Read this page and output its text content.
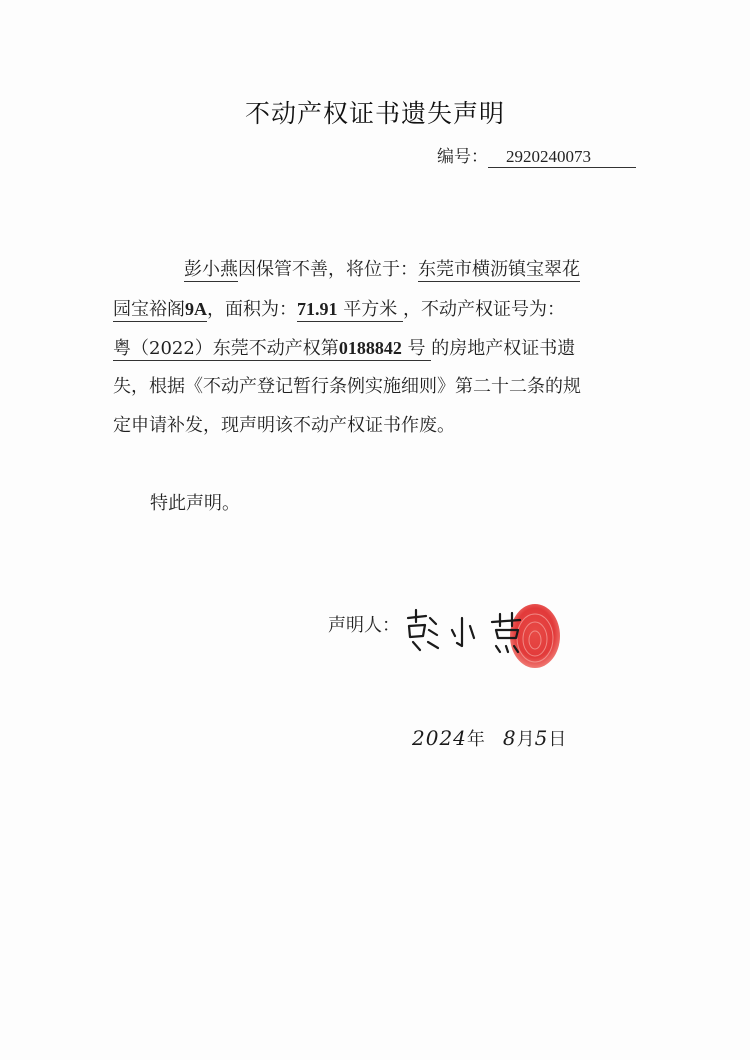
不动产权证书遗失声明
编号： 2920240073
彭小燕因保管不善，将位于：东莞市横沥镇宝翠花
园宝裕阁9A，面积为：71.91 平方米 ，不动产权证号为：
粤（2022）东莞不动产权第0188842 号 的房地产权证书遗
失，根据《不动产登记暂行条例实施细则》第二十二条的规
定申请补发，现声明该不动产权证书作废。
特此声明。
声明人：
2024年 8月5日
